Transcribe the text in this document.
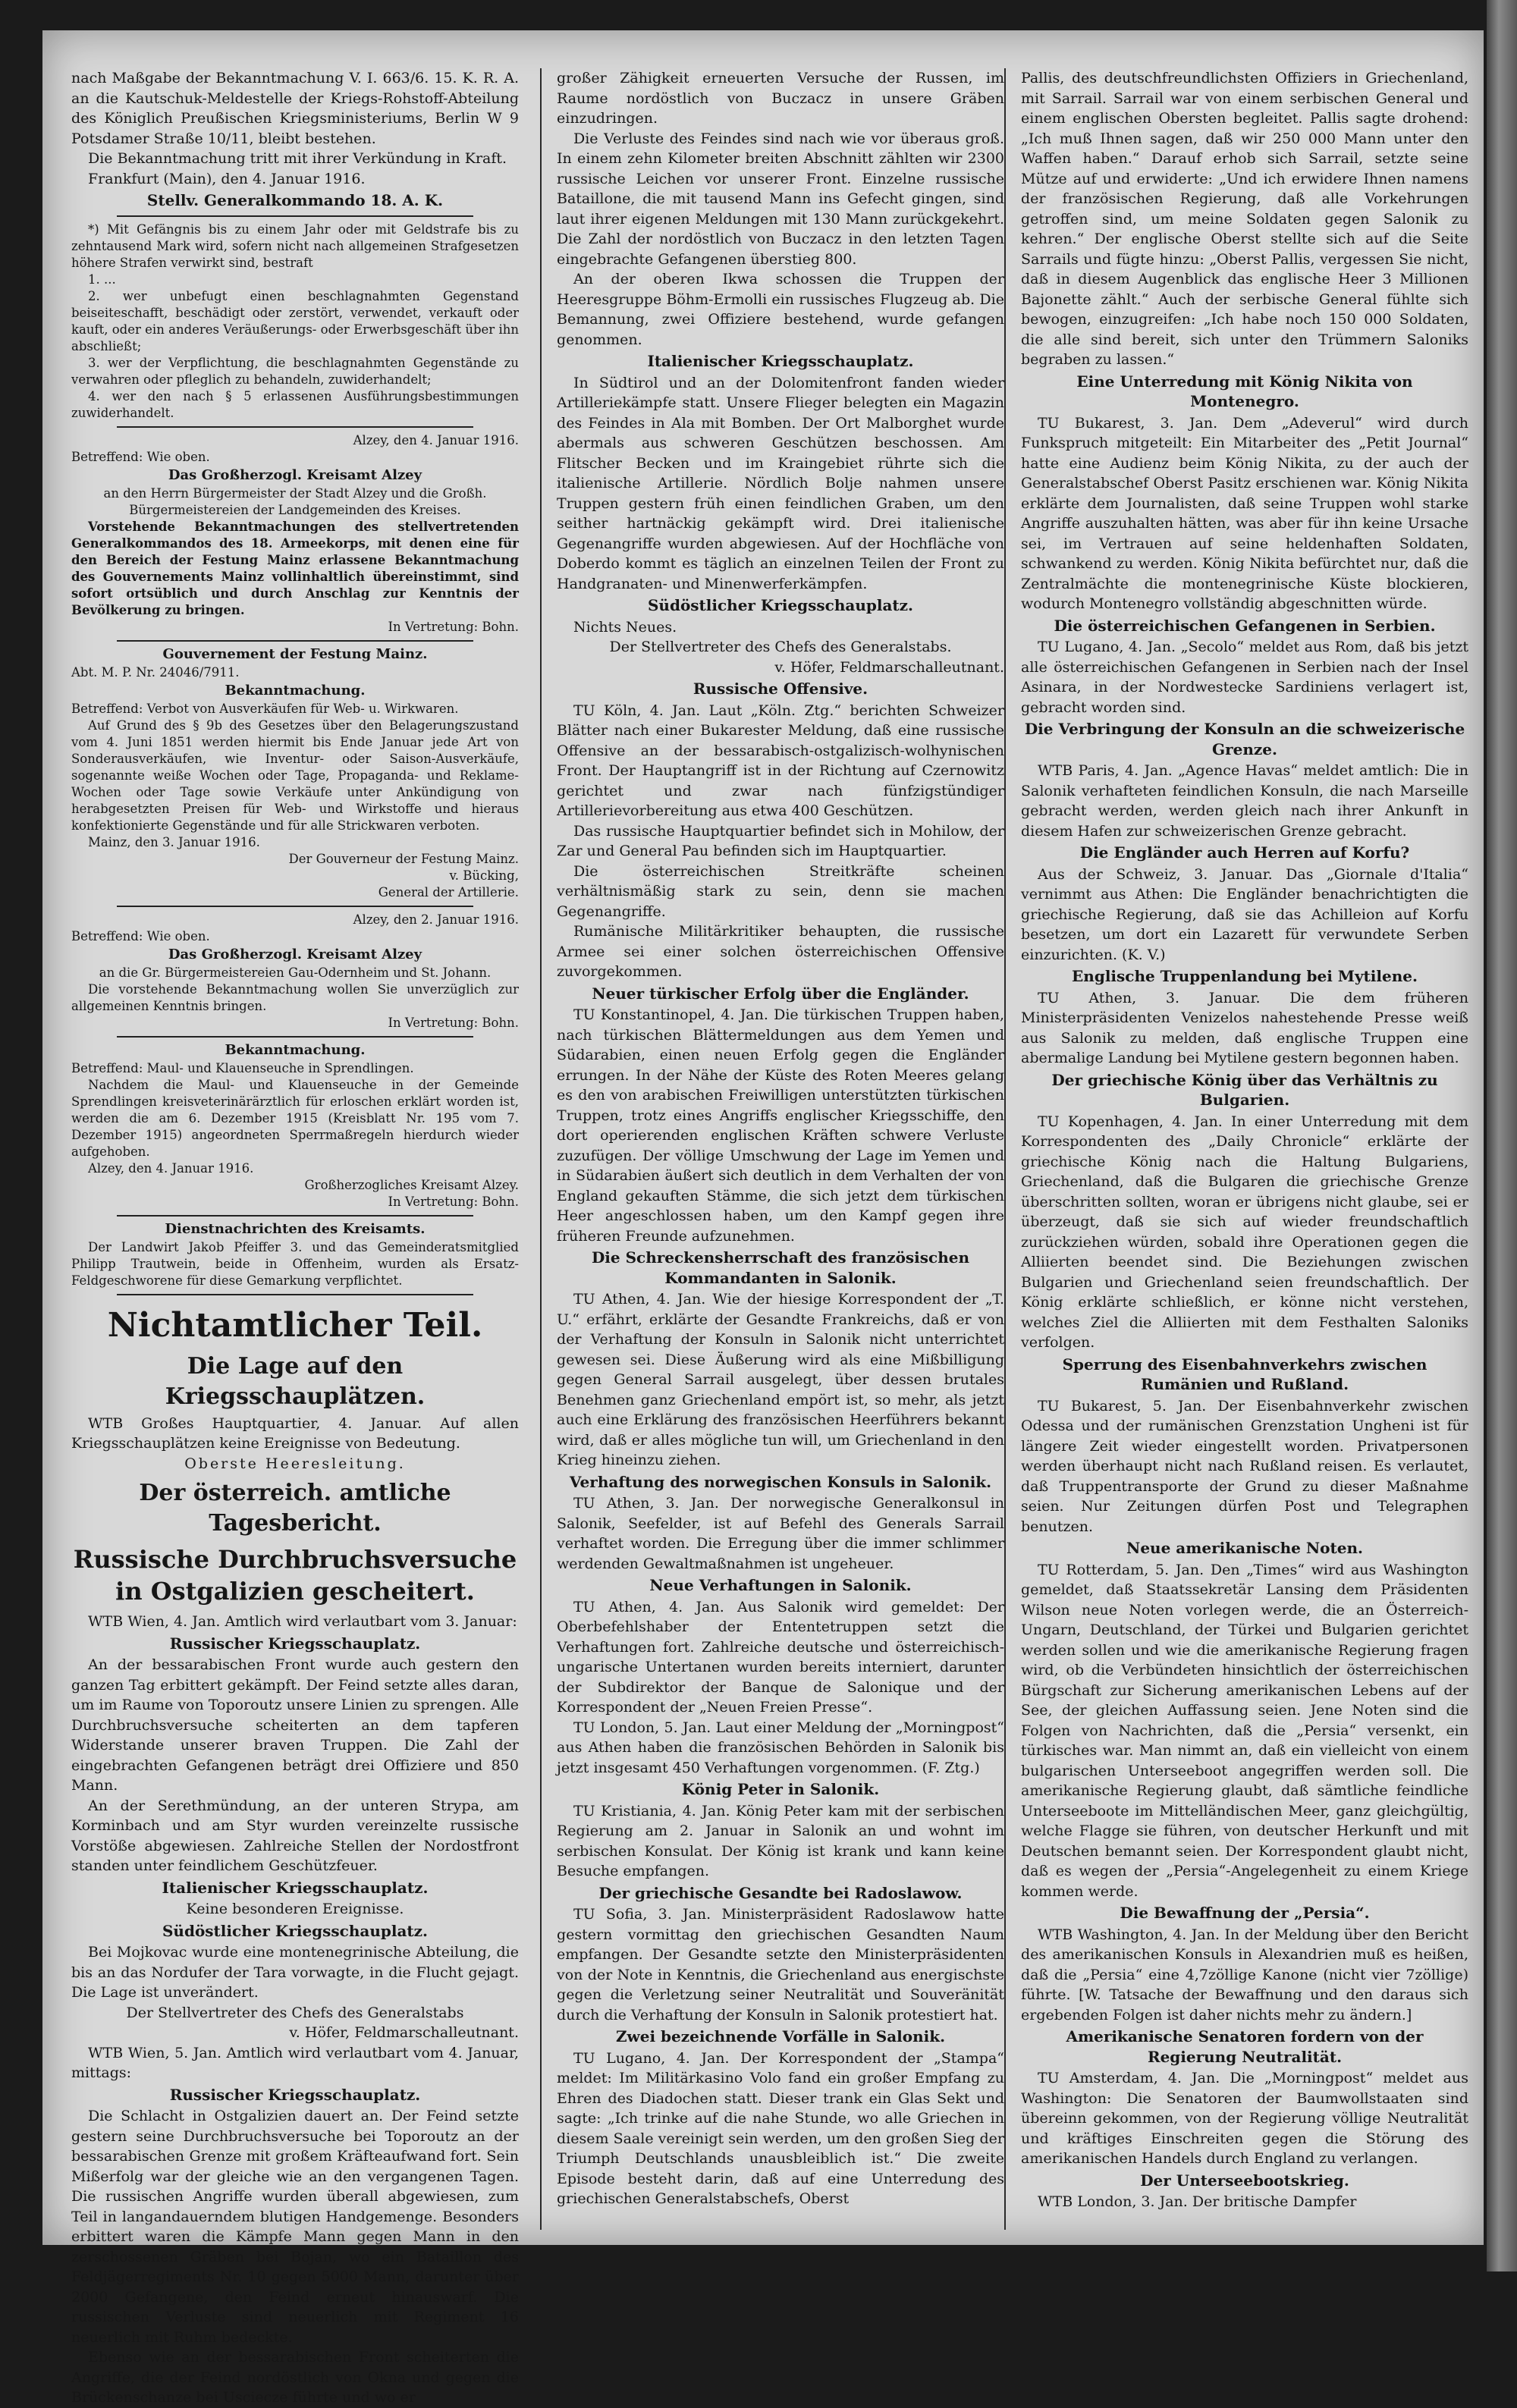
nach Maßgabe der Bekanntmachung V. I. 663/6. 15. K. R. A. an die Kautschuk-Meldestelle der Kriegs-Rohstoff-Abteilung des Königlich Preußischen Kriegsministeriums, Berlin W 9 Potsdamer Straße 10/11, bleibt bestehen.

Die Bekanntmachung tritt mit ihrer Verkündung in Kraft.

Frankfurt (Main), den 4. Januar 1916.

Stellv. Generalkommando 18. A. K.

*) Mit Gefängnis bis zu einem Jahr oder mit Geldstrafe bis zu zehntausend Mark wird, sofern nicht nach allgemeinen Strafgesetzen höhere Strafen verwirkt sind, bestraft

1. ...

2. wer unbefugt einen beschlagnahmten Gegenstand beiseiteschafft, beschädigt oder zerstört, verwendet, verkauft oder kauft, oder ein anderes Veräußerungs- oder Erwerbsgeschäft über ihn abschließt;

3. wer der Verpflichtung, die beschlagnahmten Gegenstände zu verwahren oder pfleglich zu behandeln, zuwiderhandelt;

4. wer den nach § 5 erlassenen Ausführungsbestimmungen zuwiderhandelt.

Alzey, den 4. Januar 1916.

Betreffend: Wie oben.

Das Großherzogl. Kreisamt Alzey

an den Herrn Bürgermeister der Stadt Alzey und die Großh. Bürgermeistereien der Landgemeinden des Kreises.

Vorstehende Bekanntmachungen des stellvertretenden Generalkommandos des 18. Armeekorps, mit denen eine für den Bereich der Festung Mainz erlassene Bekanntmachung des Gouvernements Mainz vollinhaltlich übereinstimmt, sind sofort ortsüblich und durch Anschlag zur Kenntnis der Bevölkerung zu bringen.

In Vertretung: Bohn.

Gouvernement der Festung Mainz.

Abt. M. P. Nr. 24046/7911.

Bekanntmachung.

Betreffend: Verbot von Ausverkäufen für Web- u. Wirkwaren.

Auf Grund des § 9b des Gesetzes über den Belagerungszustand vom 4. Juni 1851 werden hiermit bis Ende Januar jede Art von Sonderausverkäufen, wie Inventur- oder Saison-Ausverkäufe, sogenannte weiße Wochen oder Tage, Propaganda- und Reklame-Wochen oder Tage sowie Verkäufe unter Ankündigung von herabgesetzten Preisen für Web- und Wirkstoffe und hieraus konfektionierte Gegenstände und für alle Strickwaren verboten.

Mainz, den 3. Januar 1916.

Der Gouverneur der Festung Mainz.

v. Bücking,

General der Artillerie.

Alzey, den 2. Januar 1916.

Betreffend: Wie oben.

Das Großherzogl. Kreisamt Alzey

an die Gr. Bürgermeistereien Gau-Odernheim und St. Johann.

Die vorstehende Bekanntmachung wollen Sie unverzüglich zur allgemeinen Kenntnis bringen.

In Vertretung: Bohn.

Bekanntmachung.

Betreffend: Maul- und Klauenseuche in Sprendlingen.

Nachdem die Maul- und Klauenseuche in der Gemeinde Sprendlingen kreisveterinärärztlich für erloschen erklärt worden ist, werden die am 6. Dezember 1915 (Kreisblatt Nr. 195 vom 7. Dezember 1915) angeordneten Sperrmaßregeln hierdurch wieder aufgehoben.

Alzey, den 4. Januar 1916.

Großherzogliches Kreisamt Alzey.

In Vertretung: Bohn.

Dienstnachrichten des Kreisamts.

Der Landwirt Jakob Pfeiffer 3. und das Gemeinderatsmitglied Philipp Trautwein, beide in Offenheim, wurden als Ersatz-Feldgeschworene für diese Gemarkung verpflichtet.

Nichtamtlicher Teil.

Die Lage auf den Kriegsschauplätzen.

WTB Großes Hauptquartier, 4. Januar. Auf allen Kriegsschauplätzen keine Ereignisse von Bedeutung.

Oberste Heeresleitung.

Der österreich. amtliche Tagesbericht.

Russische Durchbruchsversuche in Ostgalizien gescheitert.

WTB Wien, 4. Jan. Amtlich wird verlautbart vom 3. Januar:

Russischer Kriegsschauplatz.

An der bessarabischen Front wurde auch gestern den ganzen Tag erbittert gekämpft. Der Feind setzte alles daran, um im Raume von Toporoutz unsere Linien zu sprengen. Alle Durchbruchsversuche scheiterten an dem tapferen Widerstande unserer braven Truppen. Die Zahl der eingebrachten Gefangenen beträgt drei Offiziere und 850 Mann.

An der Serethmündung, an der unteren Strypa, am Korminbach und am Styr wurden vereinzelte russische Vorstöße abgewiesen. Zahlreiche Stellen der Nordostfront standen unter feindlichem Geschützfeuer.

Italienischer Kriegsschauplatz.

Keine besonderen Ereignisse.

Südöstlicher Kriegsschauplatz.

Bei Mojkovac wurde eine montenegrinische Abteilung, die bis an das Nordufer der Tara vorwagte, in die Flucht gejagt. Die Lage ist unverändert.

Der Stellvertreter des Chefs des Generalstabs

v. Höfer, Feldmarschalleutnant.

WTB Wien, 5. Jan. Amtlich wird verlautbart vom 4. Januar, mittags:

Russischer Kriegsschauplatz.

Die Schlacht in Ostgalizien dauert an. Der Feind setzte gestern seine Durchbruchsversuche bei Toporoutz an der bessarabischen Grenze mit großem Kräfteaufwand fort. Sein Mißerfolg war der gleiche wie an den vergangenen Tagen. Die russischen Angriffe wurden überall abgewiesen, zum Teil in langandauerndem blutigen Handgemenge. Besonders erbittert waren die Kämpfe Mann gegen Mann in den zerschossenen Gräben bei Bojan, wo ein Bataillon des Feldjägerregiments Nr. 10 gegen 5000 Mann, darunter über 2000 Gefangene, den Feind erneut hinauswarf. Die russischen Verluste sind neuerlich mit Regiment 16 neuerlich mit Ruhm bedeckte.

Ebenso wie an der bessarabischen Front scheiterten die Angriffe, die der Feind nordöstlich von Okna und gegen die Brückenschanze bei Usciecze führte und wo er

großer Zähigkeit erneuerten Versuche der Russen, im Raume nordöstlich von Buczacz in unsere Gräben einzudringen.

Die Verluste des Feindes sind nach wie vor überaus groß. In einem zehn Kilometer breiten Abschnitt zählten wir 2300 russische Leichen vor unserer Front. Einzelne russische Bataillone, die mit tausend Mann ins Gefecht gingen, sind laut ihrer eigenen Meldungen mit 130 Mann zurückgekehrt. Die Zahl der nordöstlich von Buczacz in den letzten Tagen eingebrachte Gefangenen überstieg 800.

An der oberen Ikwa schossen die Truppen der Heeresgruppe Böhm-Ermolli ein russisches Flugzeug ab. Die Bemannung, zwei Offiziere bestehend, wurde gefangen genommen.

Italienischer Kriegsschauplatz.

In Südtirol und an der Dolomitenfront fanden wieder Artilleriekämpfe statt. Unsere Flieger belegten ein Magazin des Feindes in Ala mit Bomben. Der Ort Malborghet wurde abermals aus schweren Geschützen beschossen. Am Flitscher Becken und im Kraingebiet rührte sich die italienische Artillerie. Nördlich Bolje nahmen unsere Truppen gestern früh einen feindlichen Graben, um den seither hartnäckig gekämpft wird. Drei italienische Gegenangriffe wurden abgewiesen. Auf der Hochfläche von Doberdo kommt es täglich an einzelnen Teilen der Front zu Handgranaten- und Minenwerferkämpfen.

Südöstlicher Kriegsschauplatz.

Nichts Neues.

Der Stellvertreter des Chefs des Generalstabs.

v. Höfer, Feldmarschalleutnant.

Russische Offensive.

TU Köln, 4. Jan. Laut „Köln. Ztg.“ berichten Schweizer Blätter nach einer Bukarester Meldung, daß eine russische Offensive an der bessarabisch-ostgalizisch-wolhynischen Front. Der Hauptangriff ist in der Richtung auf Czernowitz gerichtet und zwar nach fünfzigstündiger Artillerievorbereitung aus etwa 400 Geschützen.

Das russische Hauptquartier befindet sich in Mohilow, der Zar und General Pau befinden sich im Hauptquartier.

Die österreichischen Streitkräfte scheinen verhältnismäßig stark zu sein, denn sie machen Gegenangriffe.

Rumänische Militärkritiker behaupten, die russische Armee sei einer solchen österreichischen Offensive zuvorgekommen.

Neuer türkischer Erfolg über die Engländer.

TU Konstantinopel, 4. Jan. Die türkischen Truppen haben, nach türkischen Blättermeldungen aus dem Yemen und Südarabien, einen neuen Erfolg gegen die Engländer errungen. In der Nähe der Küste des Roten Meeres gelang es den von arabischen Freiwilligen unterstützten türkischen Truppen, trotz eines Angriffs englischer Kriegsschiffe, den dort operierenden englischen Kräften schwere Verluste zuzufügen. Der völlige Umschwung der Lage im Yemen und in Südarabien äußert sich deutlich in dem Verhalten der von England gekauften Stämme, die sich jetzt dem türkischen Heer angeschlossen haben, um den Kampf gegen ihre früheren Freunde aufzunehmen.

Die Schreckensherrschaft des französischen Kommandanten in Salonik.

TU Athen, 4. Jan. Wie der hiesige Korrespondent der „T. U.“ erfährt, erklärte der Gesandte Frankreichs, daß er von der Verhaftung der Konsuln in Salonik nicht unterrichtet gewesen sei. Diese Äußerung wird als eine Mißbilligung gegen General Sarrail ausgelegt, über dessen brutales Benehmen ganz Griechenland empört ist, so mehr, als jetzt auch eine Erklärung des französischen Heerführers bekannt wird, daß er alles mögliche tun will, um Griechenland in den Krieg hineinzu ziehen.

Verhaftung des norwegischen Konsuls in Salonik.

TU Athen, 3. Jan. Der norwegische Generalkonsul in Salonik, Seefelder, ist auf Befehl des Generals Sarrail verhaftet worden. Die Erregung über die immer schlimmer werdenden Gewaltmaßnahmen ist ungeheuer.

Neue Verhaftungen in Salonik.

TU Athen, 4. Jan. Aus Salonik wird gemeldet: Der Oberbefehlshaber der Ententetruppen setzt die Verhaftungen fort. Zahlreiche deutsche und österreichisch-ungarische Untertanen wurden bereits interniert, darunter der Subdirektor der Banque de Salonique und der Korrespondent der „Neuen Freien Presse“.

TU London, 5. Jan. Laut einer Meldung der „Morningpost“ aus Athen haben die französischen Behörden in Salonik bis jetzt insgesamt 450 Verhaftungen vorgenommen. (F. Ztg.)

König Peter in Salonik.

TU Kristiania, 4. Jan. König Peter kam mit der serbischen Regierung am 2. Januar in Salonik an und wohnt im serbischen Konsulat. Der König ist krank und kann keine Besuche empfangen.

Der griechische Gesandte bei Radoslawow.

TU Sofia, 3. Jan. Ministerpräsident Radoslawow hatte gestern vormittag den griechischen Gesandten Naum empfangen. Der Gesandte setzte den Ministerpräsidenten von der Note in Kenntnis, die Griechenland aus energischste gegen die Verletzung seiner Neutralität und Souveränität durch die Verhaftung der Konsuln in Salonik protestiert hat.

Zwei bezeichnende Vorfälle in Salonik.

TU Lugano, 4. Jan. Der Korrespondent der „Stampa“ meldet: Im Militärkasino Volo fand ein großer Empfang zu Ehren des Diadochen statt. Dieser trank ein Glas Sekt und sagte: „Ich trinke auf die nahe Stunde, wo alle Griechen in diesem Saale vereinigt sein werden, um den großen Sieg der Triumph Deutschlands unausbleiblich ist.“ Die zweite Episode besteht darin, daß auf eine Unterredung des griechischen Generalstabschefs, Oberst

Pallis, des deutschfreundlichsten Offiziers in Griechenland, mit Sarrail. Sarrail war von einem serbischen General und einem englischen Obersten begleitet. Pallis sagte drohend: „Ich muß Ihnen sagen, daß wir 250 000 Mann unter den Waffen haben.“ Darauf erhob sich Sarrail, setzte seine Mütze auf und erwiderte: „Und ich erwidere Ihnen namens der französischen Regierung, daß alle Vorkehrungen getroffen sind, um meine Soldaten gegen Salonik zu kehren.“ Der englische Oberst stellte sich auf die Seite Sarrails und fügte hinzu: „Oberst Pallis, vergessen Sie nicht, daß in diesem Augenblick das englische Heer 3 Millionen Bajonette zählt.“ Auch der serbische General fühlte sich bewogen, einzugreifen: „Ich habe noch 150 000 Soldaten, die alle sind bereit, sich unter den Trümmern Saloniks begraben zu lassen.“

Eine Unterredung mit König Nikita von Montenegro.

TU Bukarest, 3. Jan. Dem „Adeverul“ wird durch Funkspruch mitgeteilt: Ein Mitarbeiter des „Petit Journal“ hatte eine Audienz beim König Nikita, zu der auch der Generalstabschef Oberst Pasitz erschienen war. König Nikita erklärte dem Journalisten, daß seine Truppen wohl starke Angriffe auszuhalten hätten, was aber für ihn keine Ursache sei, im Vertrauen auf seine heldenhaften Soldaten, schwankend zu werden. König Nikita befürchtet nur, daß die Zentralmächte die montenegrinische Küste blockieren, wodurch Montenegro vollständig abgeschnitten würde.

Die österreichischen Gefangenen in Serbien.

TU Lugano, 4. Jan. „Secolo“ meldet aus Rom, daß bis jetzt alle österreichischen Gefangenen in Serbien nach der Insel Asinara, in der Nordwestecke Sardiniens verlagert ist, gebracht worden sind.

Die Verbringung der Konsuln an die schweizerische Grenze.

WTB Paris, 4. Jan. „Agence Havas“ meldet amtlich: Die in Salonik verhafteten feindlichen Konsuln, die nach Marseille gebracht werden, werden gleich nach ihrer Ankunft in diesem Hafen zur schweizerischen Grenze gebracht.

Die Engländer auch Herren auf Korfu?

Aus der Schweiz, 3. Januar. Das „Giornale d'Italia“ vernimmt aus Athen: Die Engländer benachrichtigten die griechische Regierung, daß sie das Achilleion auf Korfu besetzen, um dort ein Lazarett für verwundete Serben einzurichten. (K. V.)

Englische Truppenlandung bei Mytilene.

TU Athen, 3. Januar. Die dem früheren Ministerpräsidenten Venizelos nahestehende Presse weiß aus Salonik zu melden, daß englische Truppen eine abermalige Landung bei Mytilene gestern begonnen haben.

Der griechische König über das Verhältnis zu Bulgarien.

TU Kopenhagen, 4. Jan. In einer Unterredung mit dem Korrespondenten des „Daily Chronicle“ erklärte der griechische König nach die Haltung Bulgariens, Griechenland, daß die Bulgaren die griechische Grenze überschritten sollten, woran er übrigens nicht glaube, sei er überzeugt, daß sie sich auf wieder freundschaftlich zurückziehen würden, sobald ihre Operationen gegen die Alliierten beendet sind. Die Beziehungen zwischen Bulgarien und Griechenland seien freundschaftlich. Der König erklärte schließlich, er könne nicht verstehen, welches Ziel die Alliierten mit dem Festhalten Saloniks verfolgen.

Sperrung des Eisenbahnverkehrs zwischen Rumänien und Rußland.

TU Bukarest, 5. Jan. Der Eisenbahnverkehr zwischen Odessa und der rumänischen Grenzstation Ungheni ist für längere Zeit wieder eingestellt worden. Privatpersonen werden überhaupt nicht nach Rußland reisen. Es verlautet, daß Truppentransporte der Grund zu dieser Maßnahme seien. Nur Zeitungen dürfen Post und Telegraphen benutzen.

Neue amerikanische Noten.

TU Rotterdam, 5. Jan. Den „Times“ wird aus Washington gemeldet, daß Staatssekretär Lansing dem Präsidenten Wilson neue Noten vorlegen werde, die an Österreich-Ungarn, Deutschland, der Türkei und Bulgarien gerichtet werden sollen und wie die amerikanische Regierung fragen wird, ob die Verbündeten hinsichtlich der österreichischen Bürgschaft zur Sicherung amerikanischen Lebens auf der See, der gleichen Auffassung seien. Jene Noten sind die Folgen von Nachrichten, daß die „Persia“ versenkt, ein türkisches war. Man nimmt an, daß ein vielleicht von einem bulgarischen Unterseeboot angegriffen werden soll. Die amerikanische Regierung glaubt, daß sämtliche feindliche Unterseeboote im Mittelländischen Meer, ganz gleichgültig, welche Flagge sie führen, von deutscher Herkunft und mit Deutschen bemannt seien. Der Korrespondent glaubt nicht, daß es wegen der „Persia“-Angelegenheit zu einem Kriege kommen werde.

Die Bewaffnung der „Persia“.

WTB Washington, 4. Jan. In der Meldung über den Bericht des amerikanischen Konsuls in Alexandrien muß es heißen, daß die „Persia“ eine 4,7zöllige Kanone (nicht vier 7zöllige) führte. [W. Tatsache der Bewaffnung und den daraus sich ergebenden Folgen ist daher nichts mehr zu ändern.]

Amerikanische Senatoren fordern von der Regierung Neutralität.

TU Amsterdam, 4. Jan. Die „Morningpost“ meldet aus Washington: Die Senatoren der Baumwollstaaten sind übereinn gekommen, von der Regierung völlige Neutralität und kräftiges Einschreiten gegen die Störung des amerikanischen Handels durch England zu verlangen.

Der Unterseebootskrieg.

WTB London, 3. Jan. Der britische Dampfer
